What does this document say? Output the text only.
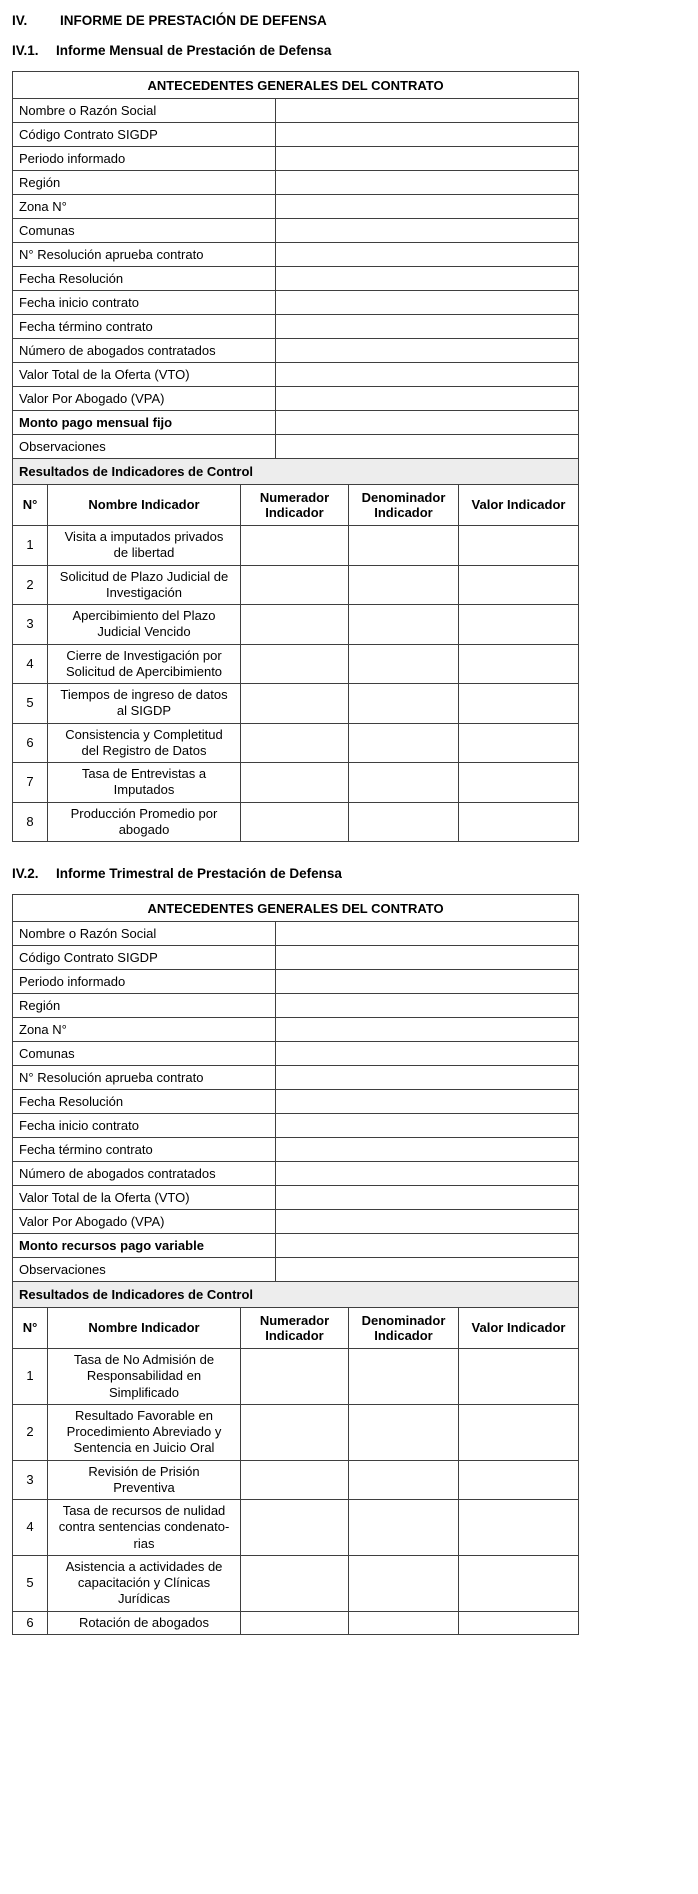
IV.	INFORME DE PRESTACIÓN DE DEFENSA
IV.1.	Informe Mensual de Prestación de Defensa
ANTECEDENTES GENERALES DEL CONTRATO	
Nombre o Razón Social	
Código Contrato SIGDP	
Periodo informado	
Región	
Zona N°	
Comunas	
N° Resolución aprueba contrato	
Fecha Resolución	
Fecha inicio contrato	
Fecha término contrato	
Número de abogados contratados	
Valor Total de la Oferta (VTO)	
Valor Por Abogado (VPA)	
Monto pago mensual fijo	
Observaciones	
Resultados de Indicadores de Control				
N°	Nombre Indicador	Numerador Indicador	Denominador Indicador	Valor Indicador
1	Visita a imputados privados de libertad			
2	Solicitud de Plazo Judicial de Investigación			
3	Apercibimiento del Plazo Judicial Vencido			
4	Cierre de Investigación por Solicitud de Apercibimiento			
5	Tiempos de ingreso de datos al SIGDP			
6	Consistencia y Completitud del Registro de Datos			
7	Tasa de Entrevistas a Imputados			
8	Producción Promedio por abogado			
IV.2.	Informe Trimestral de Prestación de Defensa
ANTECEDENTES GENERALES DEL CONTRATO	
Nombre o Razón Social	
Código Contrato SIGDP	
Periodo informado	
Región	
Zona N°	
Comunas	
N° Resolución aprueba contrato	
Fecha Resolución	
Fecha inicio contrato	
Fecha término contrato	
Número de abogados contratados	
Valor Total de la Oferta (VTO)	
Valor Por Abogado (VPA)	
Monto recursos pago variable	
Observaciones	
Resultados de Indicadores de Control				
N°	Nombre Indicador	Numerador Indicador	Denominador Indicador	Valor Indicador
1	Tasa de No Admisión de Responsabilidad en Simplificado			
2	Resultado Favorable en Procedimiento Abreviado y Sentencia en Juicio Oral			
3	Revisión de Prisión Preventiva			
4	Tasa de recursos de nulidad contra sentencias condenato-rias			
5	Asistencia a actividades de capacitación y Clínicas Jurídicas			
6	Rotación de abogados			
